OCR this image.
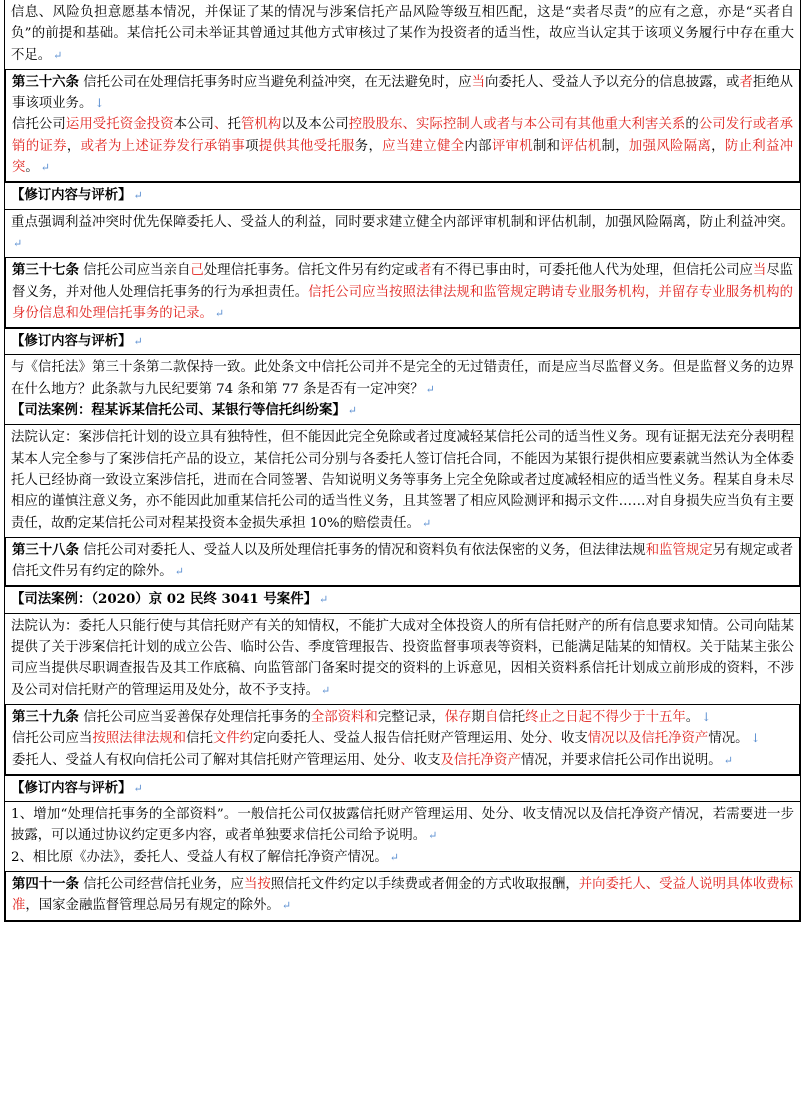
信息、风险负担意愿基本情况，并保证了某的情况与涉案信托产品风险等级互相匹配，这是“卖者尽责”的应有之意，亦是“买者自负”的前提和基础。某信托公司未举证其曾通过其他方式审核过了某作为投资者的适当性，故应当认定其于该项义务履行中存在重大不足。 ↵
第三十六条 信托公司在处理信托事务时应当避免利益冲突，在无法避免时，应当向委托人、受益人予以充分的信息披露，或者拒绝从事该项业务。 ↓
信托公司运用受托资金投资本公司、托管机构以及本公司控股股东、实际控制人或者与本公司有其他重大利害关系的公司发行或者承销的证券，或者为上述证券发行承销事项提供其他受托服务，应当建立健全内部评审机制和评估机制，加强风险隔离，防止利益冲突。 ↵
【修订内容与评析】 ↵
重点强调利益冲突时优先保障委托人、受益人的利益，同时要求建立健全内部评审机制和评估机制，加强风险隔离，防止利益冲突。↵
第三十七条 信托公司应当亲自己处理信托事务。信托文件另有约定或者有不得已事由时，可委托他人代为处理，但信托公司应当尽监督义务，并对他人处理信托事务的行为承担责任。信托公司应当按照法律法规和监管规定聘请专业服务机构，并留存专业服务机构的身份信息和处理信托事务的记录。 ↵
【修订内容与评析】 ↵
与《信托法》第三十条第二款保持一致。此处条文中信托公司并不是完全的无过错责任，而是应当尽监督义务。但是监督义务的边界在什么地方？此条款与九民纪要第 74 条和第 77 条是否有一定冲突？ ↵
【司法案例：程某诉某信托公司、某银行等信托纠纷案】 ↵
法院认定：案涉信托计划的设立具有独特性，但不能因此完全免除或者过度减轻某信托公司的适当性义务。现有证据无法充分表明程某本人完全参与了案涉信托产品的设立，某信托公司分别与各委托人签订信托合同，不能因为某银行提供相应要素就当然认为全体委托人已经协商一致设立案涉信托，进而在合同签署、告知说明义务等事务上完全免除或者过度减轻相应的适当性义务。程某自身未尽相应的谨慎注意义务，亦不能因此加重某信托公司的适当性义务，且其签署了相应风险测评和揭示文件……对自身损失应当负有主要责任，故酌定某信托公司对程某投资本金损失承担 10%的赔偿责任。 ↵
第三十八条 信托公司对委托人、受益人以及所处理信托事务的情况和资料负有依法保密的义务，但法律法规和监管规定另有规定或者信托文件另有约定的除外。 ↵
【司法案例：（2020）京 02 民终 3041 号案件】 ↵
法院认为：委托人只能行使与其信托财产有关的知情权，不能扩大成对全体投资人的所有信托财产的所有信息要求知情。公司向陆某提供了关于涉案信托计划的成立公告、临时公告、季度管理报告、投资监督事项表等资料，已能满足陆某的知情权。关于陆某主张公司应当提供尽职调查报告及其工作底稿、向监管部门备案时提交的资料的上诉意见，因相关资料系信托计划成立前形成的资料，不涉及公司对信托财产的管理运用及处分，故不予支持。 ↵
第三十九条 信托公司应当妥善保存处理信托事务的全部资料和完整记录，保存期自信托终止之日起不得少于十五年。 ↓
信托公司应当按照法律法规和信托文件约定向委托人、受益人报告信托财产管理运用、处分、收支情况以及信托净资产情况。 ↓
委托人、受益人有权向信托公司了解对其信托财产管理运用、处分、收支及信托净资产情况，并要求信托公司作出说明。 ↵
【修订内容与评析】 ↵
1、增加“处理信托事务的全部资料”。一般信托公司仅披露信托财产管理运用、处分、收支情况以及信托净资产情况，若需要进一步披露，可以通过协议约定更多内容，或者单独要求信托公司给予说明。 ↵
2、相比原《办法》，委托人、受益人有权了解信托净资产情况。 ↵
第四十一条 信托公司经营信托业务，应当按照信托文件约定以手续费或者佣金的方式收取报酬，并向委托人、受益人说明具体收费标准，国家金融监督管理总局另有规定的除外。 ↵
